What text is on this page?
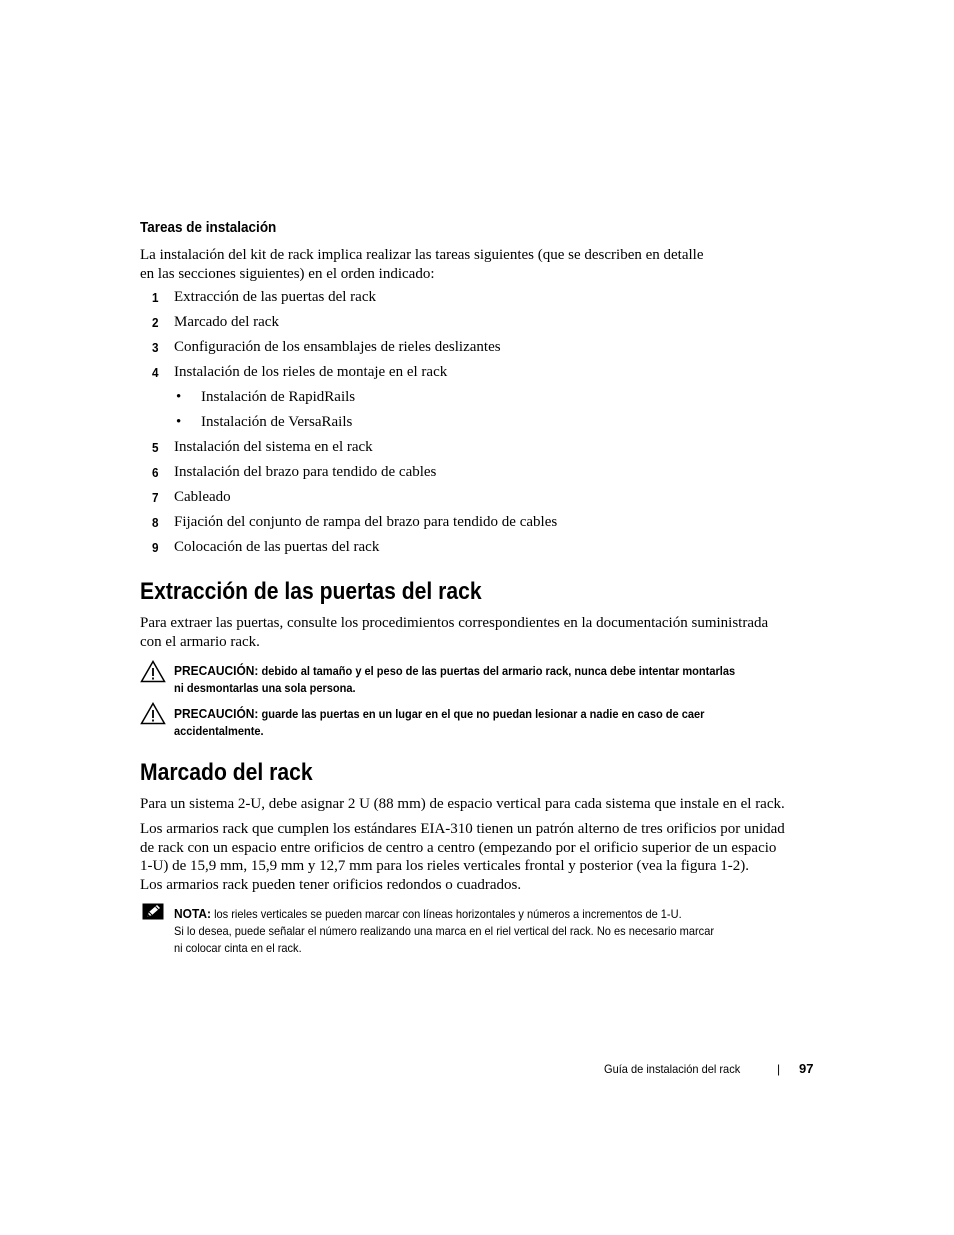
Tareas de instalación
La instalación del kit de rack implica realizar las tareas siguientes (que se describen en detalle
en las secciones siguientes) en el orden indicado:
1 Extracción de las puertas del rack
2 Marcado del rack
3 Configuración de los ensamblajes de rieles deslizantes
4 Instalación de los rieles de montaje en el rack
• Instalación de RapidRails
• Instalación de VersaRails
5 Instalación del sistema en el rack
6 Instalación del brazo para tendido de cables
7 Cableado
8 Fijación del conjunto de rampa del brazo para tendido de cables
9 Colocación de las puertas del rack
Extracción de las puertas del rack
Para extraer las puertas, consulte los procedimientos correspondientes en la documentación suministrada
con el armario rack.
PRECAUCIÓN: debido al tamaño y el peso de las puertas del armario rack, nunca debe intentar montarlas
ni desmontarlas una sola persona.
PRECAUCIÓN: guarde las puertas en un lugar en el que no puedan lesionar a nadie en caso de caer
accidentalmente.
Marcado del rack
Para un sistema 2-U, debe asignar 2 U (88 mm) de espacio vertical para cada sistema que instale en el rack.
Los armarios rack que cumplen los estándares EIA-310 tienen un patrón alterno de tres orificios por unidad
de rack con un espacio entre orificios de centro a centro (empezando por el orificio superior de un espacio
1-U) de 15,9 mm, 15,9 mm y 12,7 mm para los rieles verticales frontal y posterior (vea la figura 1-2).
Los armarios rack pueden tener orificios redondos o cuadrados.
NOTA: los rieles verticales se pueden marcar con líneas horizontales y números a incrementos de 1-U.
Si lo desea, puede señalar el número realizando una marca en el riel vertical del rack. No es necesario marcar
ni colocar cinta en el rack.
Guía de instalación del rack	| 97
